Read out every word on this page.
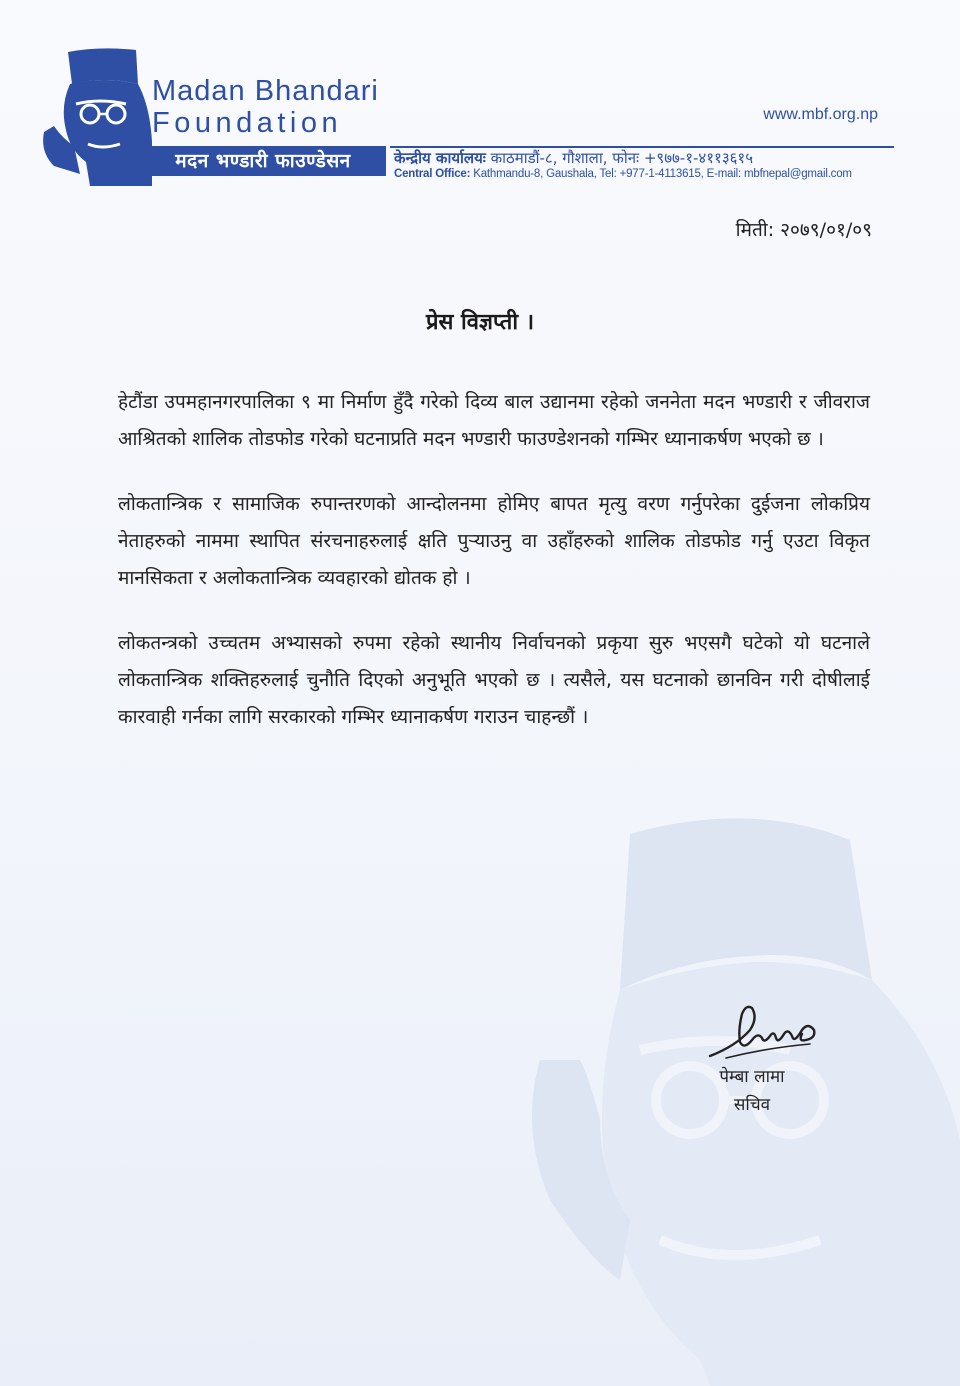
Madan Bhandari
Foundation
मदन भण्डारी फाउण्डेसन
www.mbf.org.np
केन्द्रीय कार्यालयः काठमाडौं-८, गौशाला, फोनः +९७७-१-४११३६१५
Central Office: Kathmandu-8, Gaushala, Tel: +977-1-4113615, E-mail: mbfnepal@gmail.com
मिती: २०७९/०१/०९
प्रेस विज्ञप्ती ।

हेटौंडा उपमहानगरपालिका ९ मा निर्माण हुँदै गरेको दिव्य बाल उद्यानमा रहेको जननेता मदन भण्डारी र जीवराज आश्रितको शालिक तोडफोड गरेको घटनाप्रति मदन भण्डारी फाउण्डेशनको गम्भिर ध्यानाकर्षण भएको छ ।

लोकतान्त्रिक र सामाजिक रुपान्तरणको आन्दोलनमा होमिए बापत मृत्यु वरण गर्नुपरेका दुईजना लोकप्रिय नेताहरुको नाममा स्थापित संरचनाहरुलाई क्षति पुऱ्याउनु वा उहाँहरुको शालिक तोडफोड गर्नु एउटा विकृत मानसिकता र अलोकतान्त्रिक व्यवहारको द्योतक हो ।

लोकतन्त्रको उच्चतम अभ्यासको रुपमा रहेको स्थानीय निर्वाचनको प्रकृया सुरु भएसगै घटेको यो घटनाले लोकतान्त्रिक शक्तिहरुलाई चुनौति दिएको अनुभूति भएको छ । त्यसैले, यस घटनाको छानविन गरी दोषीलाई कारवाही गर्नका लागि सरकारको गम्भिर ध्यानाकर्षण गराउन चाहन्छौं ।

पेम्बा लामा
सचिव
